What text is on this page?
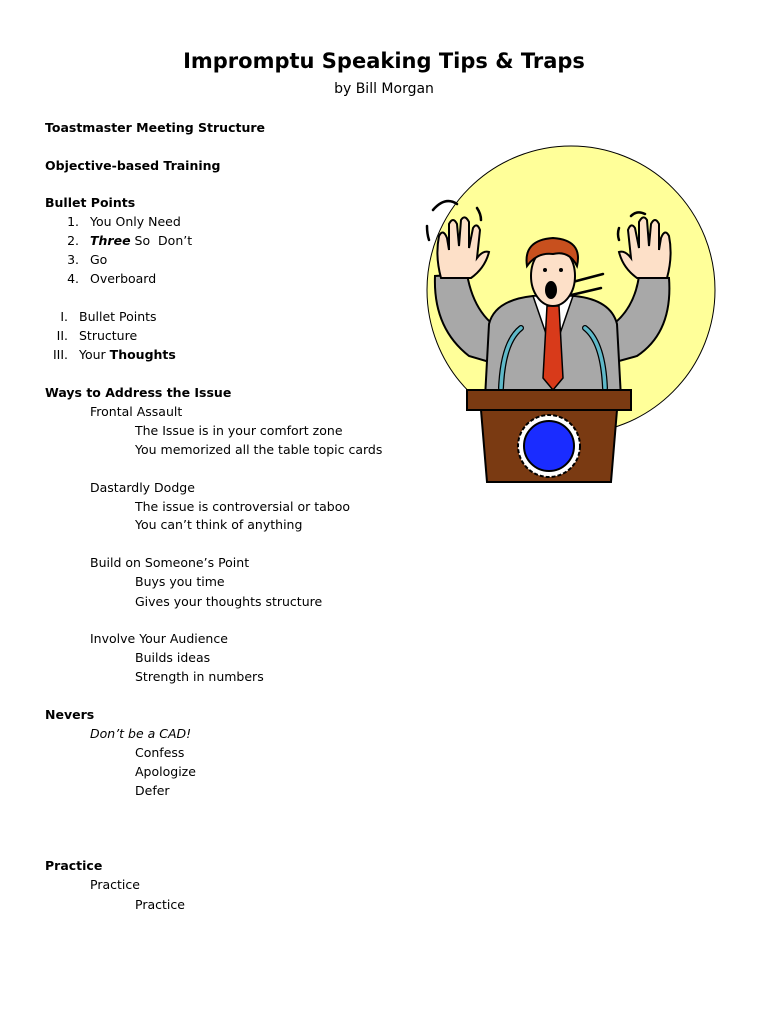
Impromptu Speaking Tips & Traps
by Bill Morgan
Toastmaster Meeting Structure
Objective-based Training
Bullet Points
1. You Only Need
2. Three So  Don’t
3. Go
4. Overboard
I. Bullet Points
II. Structure
III. Your Thoughts
Ways to Address the Issue
Frontal Assault
The Issue is in your comfort zone
You memorized all the table topic cards
Dastardly Dodge
The issue is controversial or taboo
You can’t think of anything
Build on Someone’s Point
Buys you time
Gives your thoughts structure
Involve Your Audience
Builds ideas
Strength in numbers
Nevers
Don’t be a CAD!
Confess
Apologize
Defer
Practice
Practice
Practice
